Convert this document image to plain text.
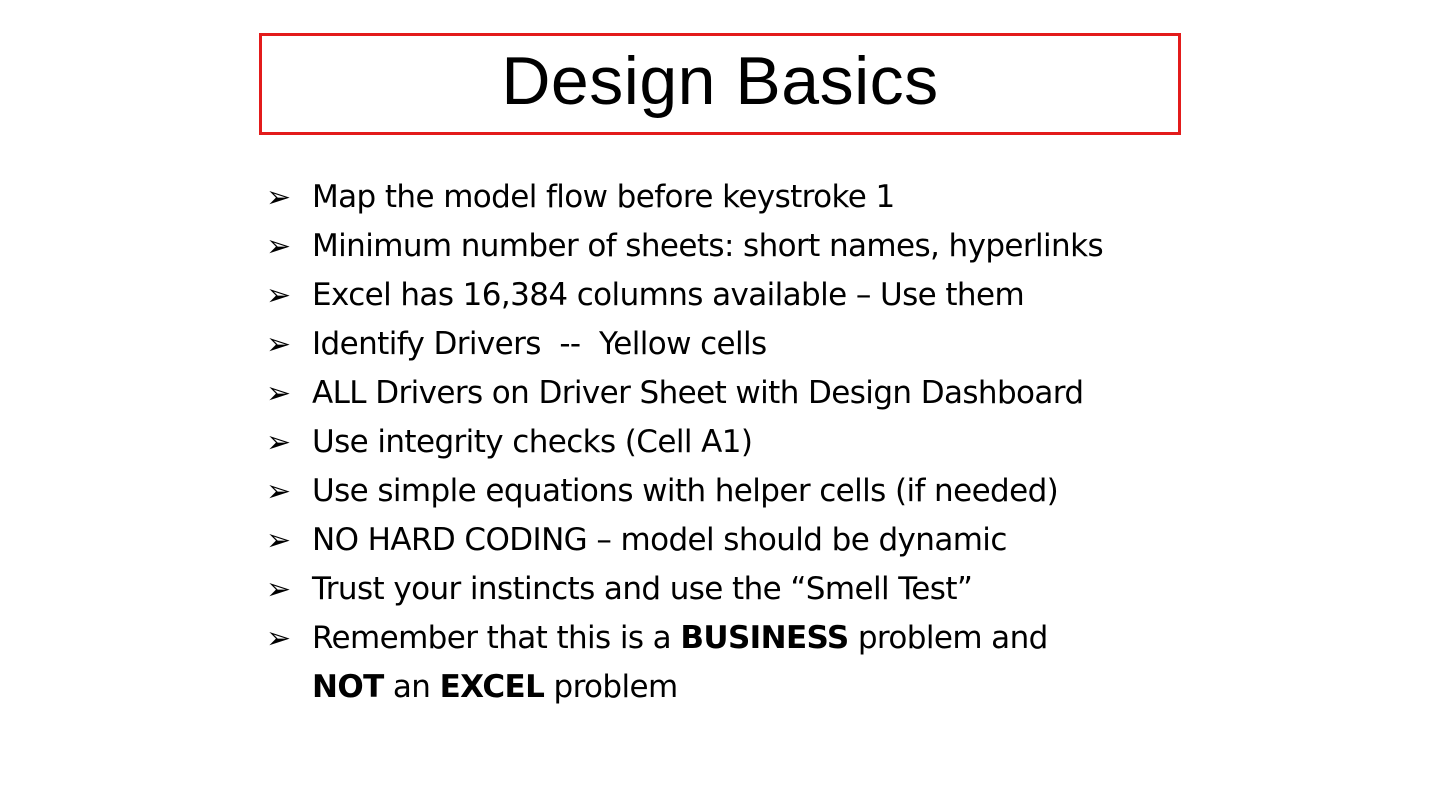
Design Basics
➢ Map the model flow before keystroke 1
➢ Minimum number of sheets: short names, hyperlinks
➢ Excel has 16,384 columns available – Use them
➢ Identify Drivers  --  Yellow cells
➢ ALL Drivers on Driver Sheet with Design Dashboard
➢ Use integrity checks (Cell A1)
➢ Use simple equations with helper cells (if needed)
➢ NO HARD CODING – model should be dynamic
➢ Trust your instincts and use the “Smell Test”
➢ Remember that this is a BUSINESS problem and
NOT an EXCEL problem
